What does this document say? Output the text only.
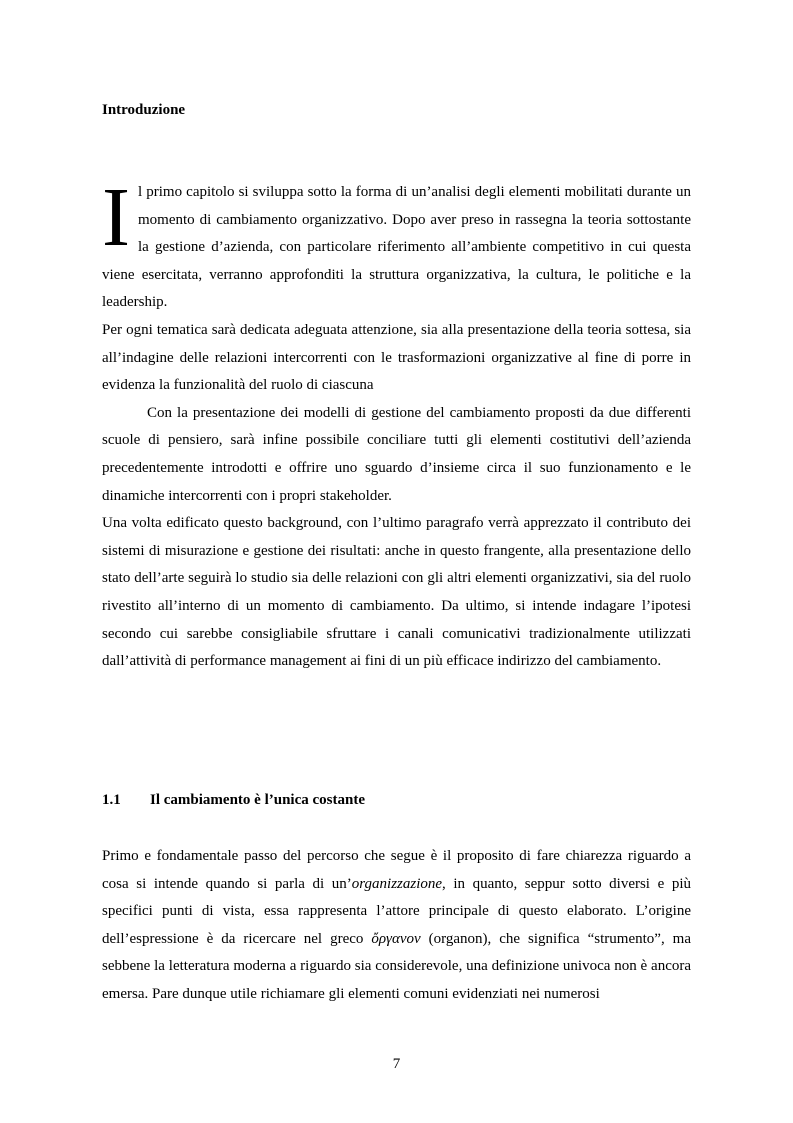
Introduzione

Il primo capitolo si sviluppa sotto la forma di un’analisi degli elementi mobilitati durante un momento di cambiamento organizzativo. Dopo aver preso in rassegna la teoria sottostante la gestione d’azienda, con particolare riferimento all’ambiente competitivo in cui questa viene esercitata, verranno approfonditi la struttura organizzativa, la cultura, le politiche e la leadership.

Per ogni tematica sarà dedicata adeguata attenzione, sia alla presentazione della teoria sottesa, sia all’indagine delle relazioni intercorrenti con le trasformazioni organizzative al fine di porre in evidenza la funzionalità del ruolo di ciascuna

Con la presentazione dei modelli di gestione del cambiamento proposti da due differenti scuole di pensiero, sarà infine possibile conciliare tutti gli elementi costitutivi dell’azienda precedentemente introdotti e offrire uno sguardo d’insieme circa il suo funzionamento e le dinamiche intercorrenti con i propri stakeholder.

Una volta edificato questo background, con l’ultimo paragrafo verrà apprezzato il contributo dei sistemi di misurazione e gestione dei risultati: anche in questo frangente, alla presentazione dello stato dell’arte seguirà lo studio sia delle relazioni con gli altri elementi organizzativi, sia del ruolo rivestito all’interno di un momento di cambiamento. Da ultimo, si intende indagare l’ipotesi secondo cui sarebbe consigliabile sfruttare i canali comunicativi tradizionalmente utilizzati dall’attività di performance management ai fini di un più efficace indirizzo del cambiamento.

1.1 Il cambiamento è l’unica costante

Primo e fondamentale passo del percorso che segue è il proposito di fare chiarezza riguardo a cosa si intende quando si parla di un’organizzazione, in quanto, seppur sotto diversi e più specifici punti di vista, essa rappresenta l’attore principale di questo elaborato. L’origine dell’espressione è da ricercare nel greco ὄργανον (organon), che significa “strumento”, ma sebbene la letteratura moderna a riguardo sia considerevole, una definizione univoca non è ancora emersa. Pare dunque utile richiamare gli elementi comuni evidenziati nei numerosi

7
